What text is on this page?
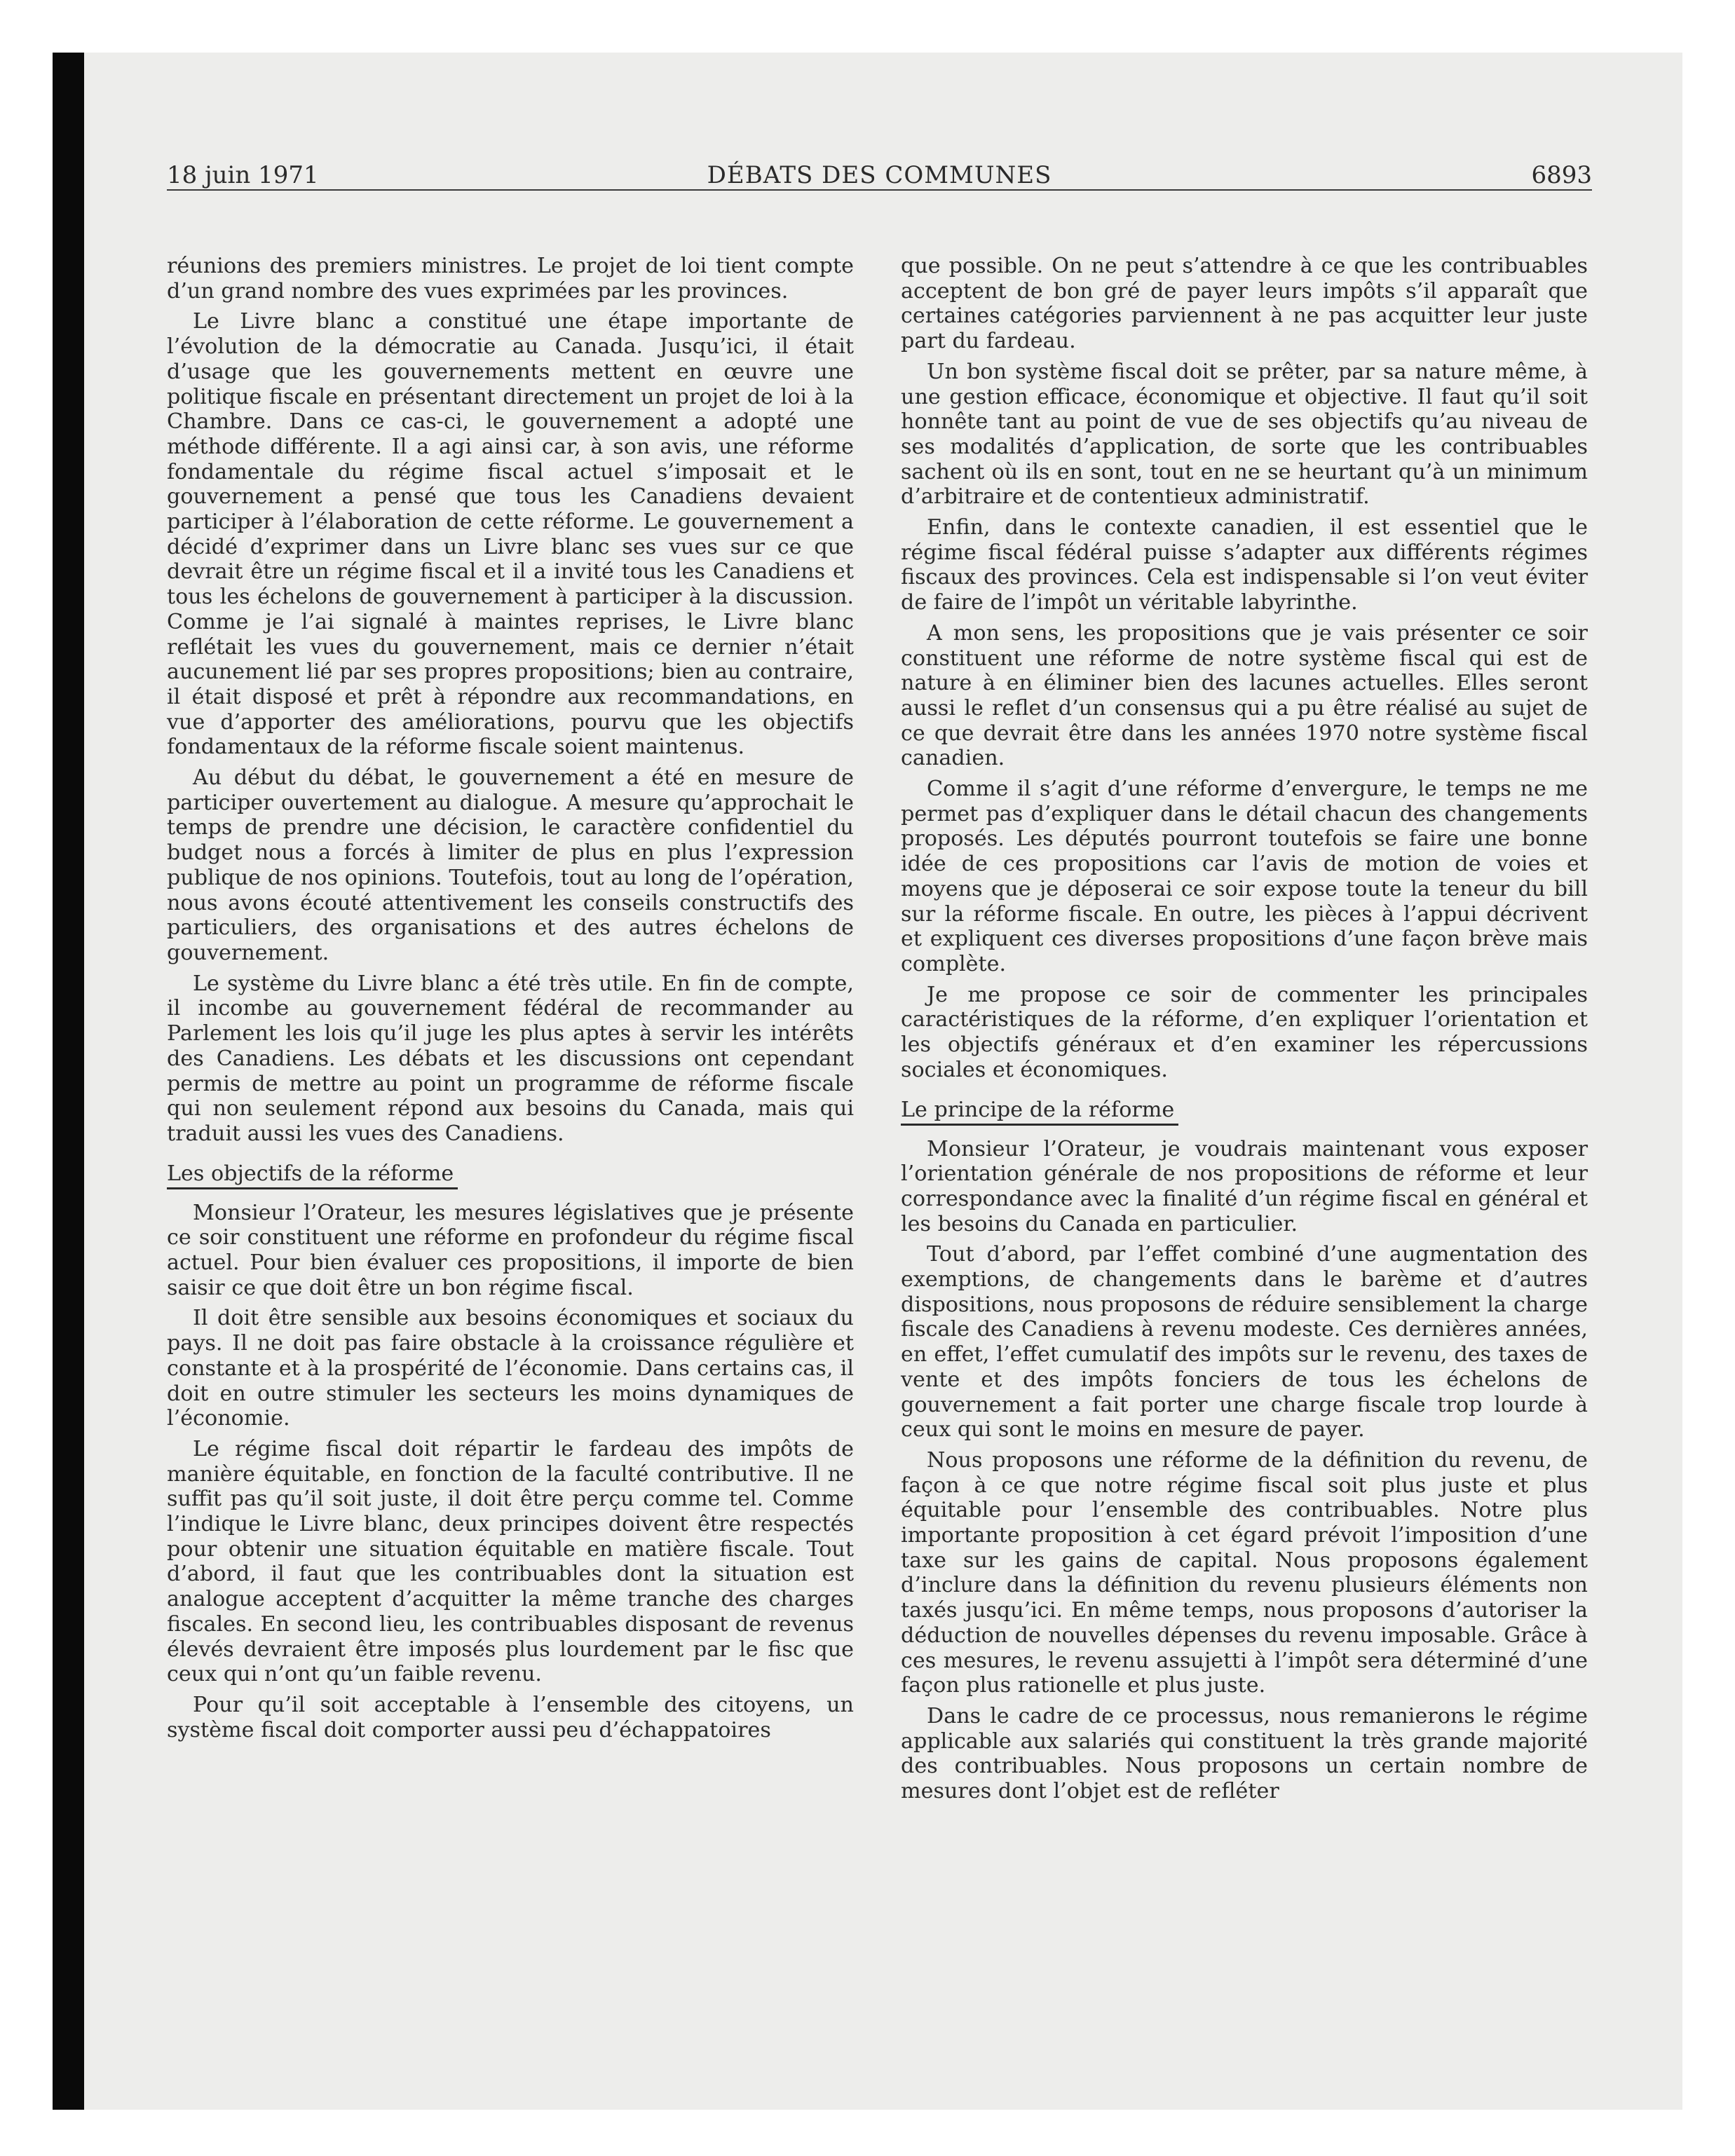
18 juin 1971	DÉBATS DES COMMUNES	6893

réunions des premiers ministres. Le projet de loi tient compte d’un grand nombre des vues exprimées par les provinces.

Le Livre blanc a constitué une étape importante de l’évolution de la démocratie au Canada. Jusqu’ici, il était d’usage que les gouvernements mettent en œuvre une politique fiscale en présentant directement un projet de loi à la Chambre. Dans ce cas-ci, le gouvernement a adopté une méthode différente. Il a agi ainsi car, à son avis, une réforme fondamentale du régime fiscal actuel s’imposait et le gouvernement a pensé que tous les Canadiens devaient participer à l’élaboration de cette réforme. Le gouvernement a décidé d’exprimer dans un Livre blanc ses vues sur ce que devrait être un régime fiscal et il a invité tous les Canadiens et tous les échelons de gouvernement à participer à la discussion. Comme je l’ai signalé à maintes reprises, le Livre blanc reflétait les vues du gouvernement, mais ce dernier n’était aucunement lié par ses propres propositions; bien au contraire, il était disposé et prêt à répondre aux recommandations, en vue d’apporter des améliorations, pourvu que les objectifs fondamentaux de la réforme fiscale soient maintenus.

Au début du débat, le gouvernement a été en mesure de participer ouvertement au dialogue. A mesure qu’approchait le temps de prendre une décision, le caractère confidentiel du budget nous a forcés à limiter de plus en plus l’expression publique de nos opinions. Toutefois, tout au long de l’opération, nous avons écouté attentivement les conseils constructifs des particuliers, des organisations et des autres échelons de gouvernement.

Le système du Livre blanc a été très utile. En fin de compte, il incombe au gouvernement fédéral de recommander au Parlement les lois qu’il juge les plus aptes à servir les intérêts des Canadiens. Les débats et les discussions ont cependant permis de mettre au point un programme de réforme fiscale qui non seulement répond aux besoins du Canada, mais qui traduit aussi les vues des Canadiens.

Les objectifs de la réforme

Monsieur l’Orateur, les mesures législatives que je présente ce soir constituent une réforme en profondeur du régime fiscal actuel. Pour bien évaluer ces propositions, il importe de bien saisir ce que doit être un bon régime fiscal.

Il doit être sensible aux besoins économiques et sociaux du pays. Il ne doit pas faire obstacle à la croissance régulière et constante et à la prospérité de l’économie. Dans certains cas, il doit en outre stimuler les secteurs les moins dynamiques de l’économie.

Le régime fiscal doit répartir le fardeau des impôts de manière équitable, en fonction de la faculté contributive. Il ne suffit pas qu’il soit juste, il doit être perçu comme tel. Comme l’indique le Livre blanc, deux principes doivent être respectés pour obtenir une situation équitable en matière fiscale. Tout d’abord, il faut que les contribuables dont la situation est analogue acceptent d’acquitter la même tranche des charges fiscales. En second lieu, les contribuables disposant de revenus élevés devraient être imposés plus lourdement par le fisc que ceux qui n’ont qu’un faible revenu.

Pour qu’il soit acceptable à l’ensemble des citoyens, un système fiscal doit comporter aussi peu d’échappatoires

que possible. On ne peut s’attendre à ce que les contribuables acceptent de bon gré de payer leurs impôts s’il apparaît que certaines catégories parviennent à ne pas acquitter leur juste part du fardeau.

Un bon système fiscal doit se prêter, par sa nature même, à une gestion efficace, économique et objective. Il faut qu’il soit honnête tant au point de vue de ses objectifs qu’au niveau de ses modalités d’application, de sorte que les contribuables sachent où ils en sont, tout en ne se heurtant qu’à un minimum d’arbitraire et de contentieux administratif.

Enfin, dans le contexte canadien, il est essentiel que le régime fiscal fédéral puisse s’adapter aux différents régimes fiscaux des provinces. Cela est indispensable si l’on veut éviter de faire de l’impôt un véritable labyrinthe.

A mon sens, les propositions que je vais présenter ce soir constituent une réforme de notre système fiscal qui est de nature à en éliminer bien des lacunes actuelles. Elles seront aussi le reflet d’un consensus qui a pu être réalisé au sujet de ce que devrait être dans les années 1970 notre système fiscal canadien.

Comme il s’agit d’une réforme d’envergure, le temps ne me permet pas d’expliquer dans le détail chacun des changements proposés. Les députés pourront toutefois se faire une bonne idée de ces propositions car l’avis de motion de voies et moyens que je déposerai ce soir expose toute la teneur du bill sur la réforme fiscale. En outre, les pièces à l’appui décrivent et expliquent ces diverses propositions d’une façon brève mais complète.

Je me propose ce soir de commenter les principales caractéristiques de la réforme, d’en expliquer l’orientation et les objectifs généraux et d’en examiner les répercussions sociales et économiques.

Le principe de la réforme

Monsieur l’Orateur, je voudrais maintenant vous exposer l’orientation générale de nos propositions de réforme et leur correspondance avec la finalité d’un régime fiscal en général et les besoins du Canada en particulier.

Tout d’abord, par l’effet combiné d’une augmentation des exemptions, de changements dans le barème et d’autres dispositions, nous proposons de réduire sensiblement la charge fiscale des Canadiens à revenu modeste. Ces dernières années, en effet, l’effet cumulatif des impôts sur le revenu, des taxes de vente et des impôts fonciers de tous les échelons de gouvernement a fait porter une charge fiscale trop lourde à ceux qui sont le moins en mesure de payer.

Nous proposons une réforme de la définition du revenu, de façon à ce que notre régime fiscal soit plus juste et plus équitable pour l’ensemble des contribuables. Notre plus importante proposition à cet égard prévoit l’imposition d’une taxe sur les gains de capital. Nous proposons également d’inclure dans la définition du revenu plusieurs éléments non taxés jusqu’ici. En même temps, nous proposons d’autoriser la déduction de nouvelles dépenses du revenu imposable. Grâce à ces mesures, le revenu assujetti à l’impôt sera déterminé d’une façon plus rationelle et plus juste.

Dans le cadre de ce processus, nous remanierons le régime applicable aux salariés qui constituent la très grande majorité des contribuables. Nous proposons un certain nombre de mesures dont l’objet est de refléter
